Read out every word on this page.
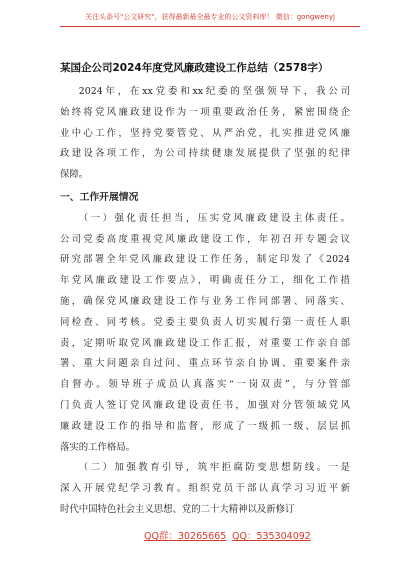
关注头条号"公文研究"，获得最新最全最专业的公文资料库！ 微信：gongwenyj
某国企公司2024年度党风廉政建设工作总结（2578字）
2024年，在xx党委和xx纪委的坚强领导下，我公司
始终将党风廉政建设作为一项重要政治任务，紧密围绕企
业中心工作，坚持党要管党、从严治党，扎实推进党风廉
政建设各项工作，为公司持续健康发展提供了坚强的纪律
保障。
一、工作开展情况
（一）强化责任担当，压实党风廉政建设主体责任。
公司党委高度重视党风廉政建设工作，年初召开专题会议
研究部署全年党风廉政建设工作任务，制定印发了《2024
年党风廉政建设工作要点》，明确责任分工，细化工作措
施，确保党风廉政建设工作与业务工作同部署、同落实、
同检查、同考核。党委主要负责人切实履行第一责任人职
责，定期听取党风廉政建设工作汇报，对重要工作亲自部
署、重大问题亲自过问、重点环节亲自协调、重要案件亲
自督办。领导班子成员认真落实“一岗双责”，与分管部
门负责人签订党风廉政建设责任书，加强对分管领域党风
廉政建设工作的指导和监督，形成了一级抓一级、层层抓
落实的工作格局。
（二）加强教育引导，筑牢拒腐防变思想防线。一是
深入开展党纪学习教育。组织党员干部认真学习习近平新
时代中国特色社会主义思想、党的二十大精神以及新修订
QQ群：30265665 QQ：535304092
